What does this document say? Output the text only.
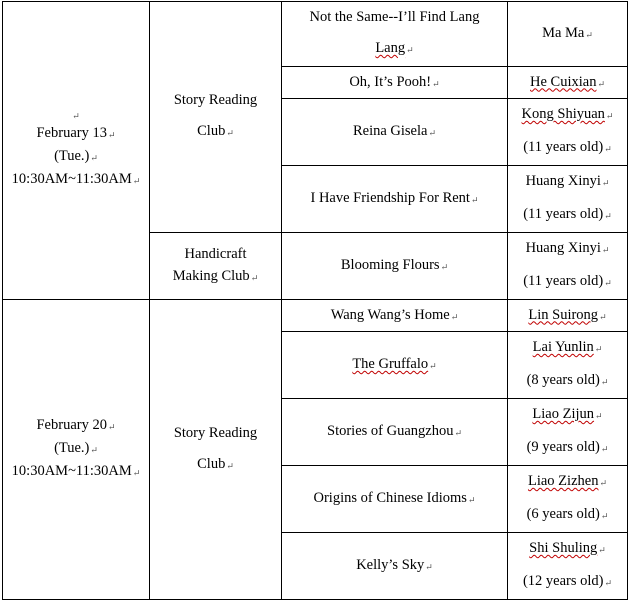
↵
February 13↵
(Tue.)↵
10:30AM~11:30AM↵	Story Reading
Club↵	Not the Same--I’ll Find Lang
Lang↵	Ma Ma↵
		Oh, It’s Pooh!↵	He Cuixian↵
		Reina Gisela↵	Kong Shiyuan↵
(11 years old)↵

		I Have Friendship For Rent↵	Huang Xinyi↵
(11 years old)↵

	Handicraft
Making Club↵	Blooming Flours↵	Huang Xinyi↵
(11 years old)↵

February 20↵
(Tue.)↵
10:30AM~11:30AM↵	Story Reading
Club↵	Wang Wang’s Home↵	Lin Suirong↵
		The Gruffalo↵	Lai Yunlin↵
(8 years old)↵

		Stories of Guangzhou↵	Liao Zijun↵
(9 years old)↵

		Origins of Chinese Idioms↵	Liao Zizhen↵
(6 years old)↵

		Kelly’s Sky↵	Shi Shuling↵
(12 years old)↵
